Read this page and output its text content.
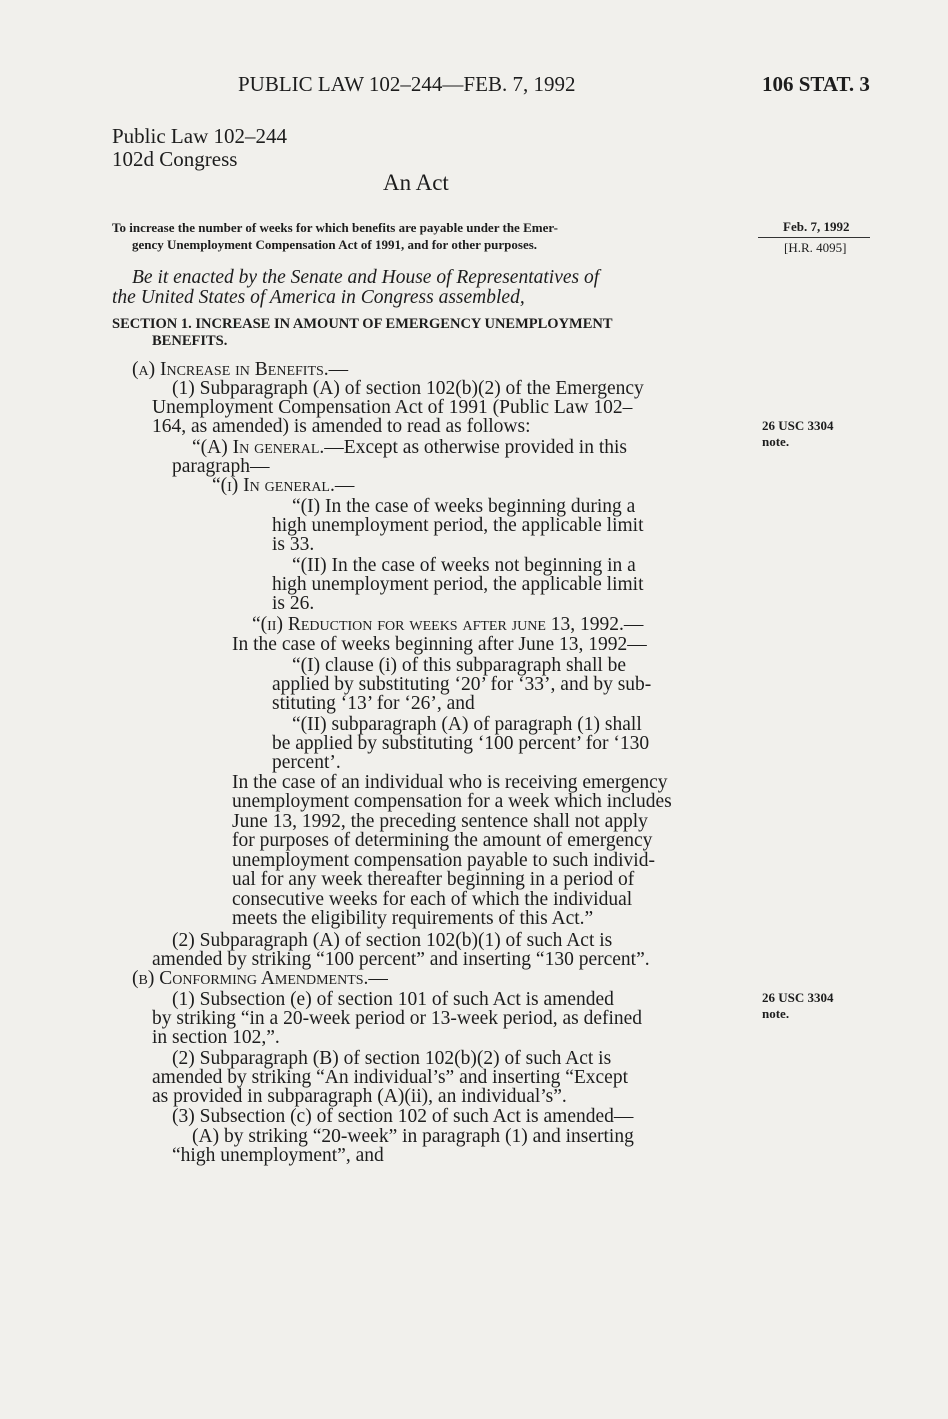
PUBLIC LAW 102–244—FEB. 7, 1992	106 STAT. 3
Public Law 102–244
102d Congress
An Act
To increase the number of weeks for which benefits are payable under the Emer-
gency Unemployment Compensation Act of 1991, and for other purposes.
Feb. 7, 1992
[H.R. 4095]
26 USC 3304
note.
26 USC 3304
note.
Be it enacted by the Senate and House of Representatives of
the United States of America in Congress assembled,
SECTION 1. INCREASE IN AMOUNT OF EMERGENCY UNEMPLOYMENT
BENEFITS.
(a) Increase in Benefits.—
(1) Subparagraph (A) of section 102(b)(2) of the Emergency
Unemployment Compensation Act of 1991 (Public Law 102–
164, as amended) is amended to read as follows:
“(A) In general.—Except as otherwise provided in this
paragraph—
“(i) In general.—
“(I) In the case of weeks beginning during a
high unemployment period, the applicable limit
is 33.
“(II) In the case of weeks not beginning in a
high unemployment period, the applicable limit
is 26.
“(ii) Reduction for weeks after june 13, 1992.—
In the case of weeks beginning after June 13, 1992—
“(I) clause (i) of this subparagraph shall be
applied by substituting ‘20’ for ‘33’, and by sub-
stituting ‘13’ for ‘26’, and
“(II) subparagraph (A) of paragraph (1) shall
be applied by substituting ‘100 percent’ for ‘130
percent’.
In the case of an individual who is receiving emergency
unemployment compensation for a week which includes
June 13, 1992, the preceding sentence shall not apply
for purposes of determining the amount of emergency
unemployment compensation payable to such individ-
ual for any week thereafter beginning in a period of
consecutive weeks for each of which the individual
meets the eligibility requirements of this Act.”
(2) Subparagraph (A) of section 102(b)(1) of such Act is
amended by striking “100 percent” and inserting “130 percent”.
(b) Conforming Amendments.—
(1) Subsection (e) of section 101 of such Act is amended
by striking “in a 20-week period or 13-week period, as defined
in section 102,”.
(2) Subparagraph (B) of section 102(b)(2) of such Act is
amended by striking “An individual’s” and inserting “Except
as provided in subparagraph (A)(ii), an individual’s”.
(3) Subsection (c) of section 102 of such Act is amended—
(A) by striking “20-week” in paragraph (1) and inserting
“high unemployment”, and
